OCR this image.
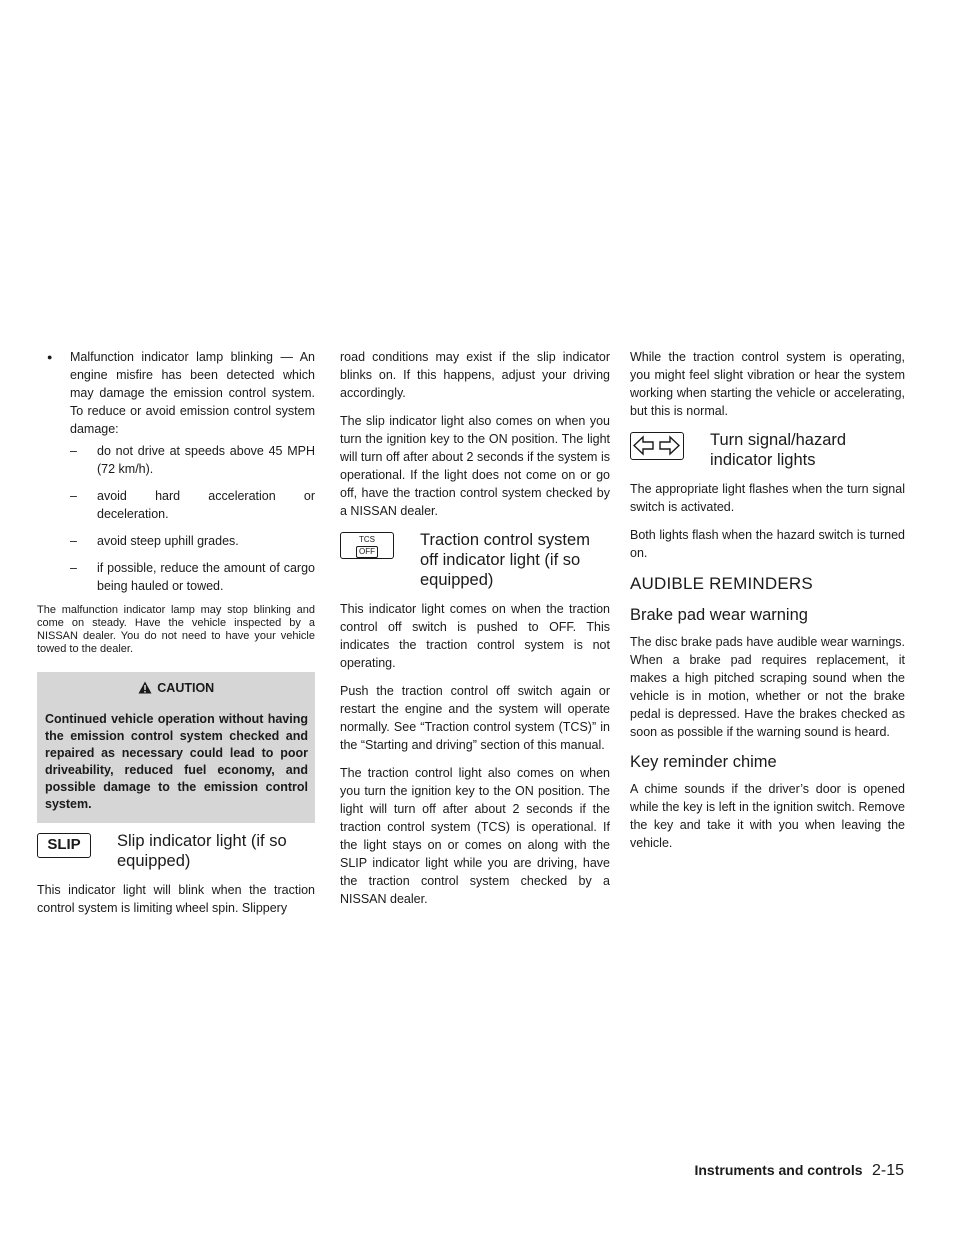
● Malfunction indicator lamp blinking — An engine misfire has been detected which may damage the emission control system. To reduce or avoid emission control system damage:
– do not drive at speeds above 45 MPH (72 km/h).
– avoid hard acceleration or deceleration.
– avoid steep uphill grades.
– if possible, reduce the amount of cargo being hauled or towed.

The malfunction indicator lamp may stop blinking and come on steady. Have the vehicle inspected by a NISSAN dealer. You do not need to have your vehicle towed to the dealer.

CAUTION
Continued vehicle operation without having the emission control system checked and repaired as necessary could lead to poor driveability, reduced fuel economy, and possible damage to the emission control system.
SLIP	Slip indicator light (if so equipped)

This indicator light will blink when the traction control system is limiting wheel spin. Slippery

road conditions may exist if the slip indicator blinks on. If this happens, adjust your driving accordingly.

The slip indicator light also comes on when you turn the ignition key to the ON position. The light will turn off after about 2 seconds if the system is operational. If the light does not come on or go off, have the traction control system checked by a NISSAN dealer.

TCS
OFF
Traction control system off indicator light (if so equipped)

This indicator light comes on when the traction control off switch is pushed to OFF. This indicates the traction control system is not operating.

Push the traction control off switch again or restart the engine and the system will operate normally. See “Traction control system (TCS)” in the “Starting and driving” section of this manual.

The traction control light also comes on when you turn the ignition key to the ON position. The light will turn off after about 2 seconds if the traction control system (TCS) is operational. If the light stays on or comes on along with the SLIP indicator light while you are driving, have the traction control system checked by a NISSAN dealer.

While the traction control system is operating, you might feel slight vibration or hear the system working when starting the vehicle or accelerating, but this is normal.

Turn signal/hazard indicator lights

The appropriate light flashes when the turn signal switch is activated.

Both lights flash when the hazard switch is turned on.

AUDIBLE REMINDERS
Brake pad wear warning

The disc brake pads have audible wear warnings. When a brake pad requires replacement, it makes a high pitched scraping sound when the vehicle is in motion, whether or not the brake pedal is depressed. Have the brakes checked as soon as possible if the warning sound is heard.

Key reminder chime

A chime sounds if the driver’s door is opened while the key is left in the ignition switch. Remove the key and take it with you when leaving the vehicle.

Instruments and controls 2-15
